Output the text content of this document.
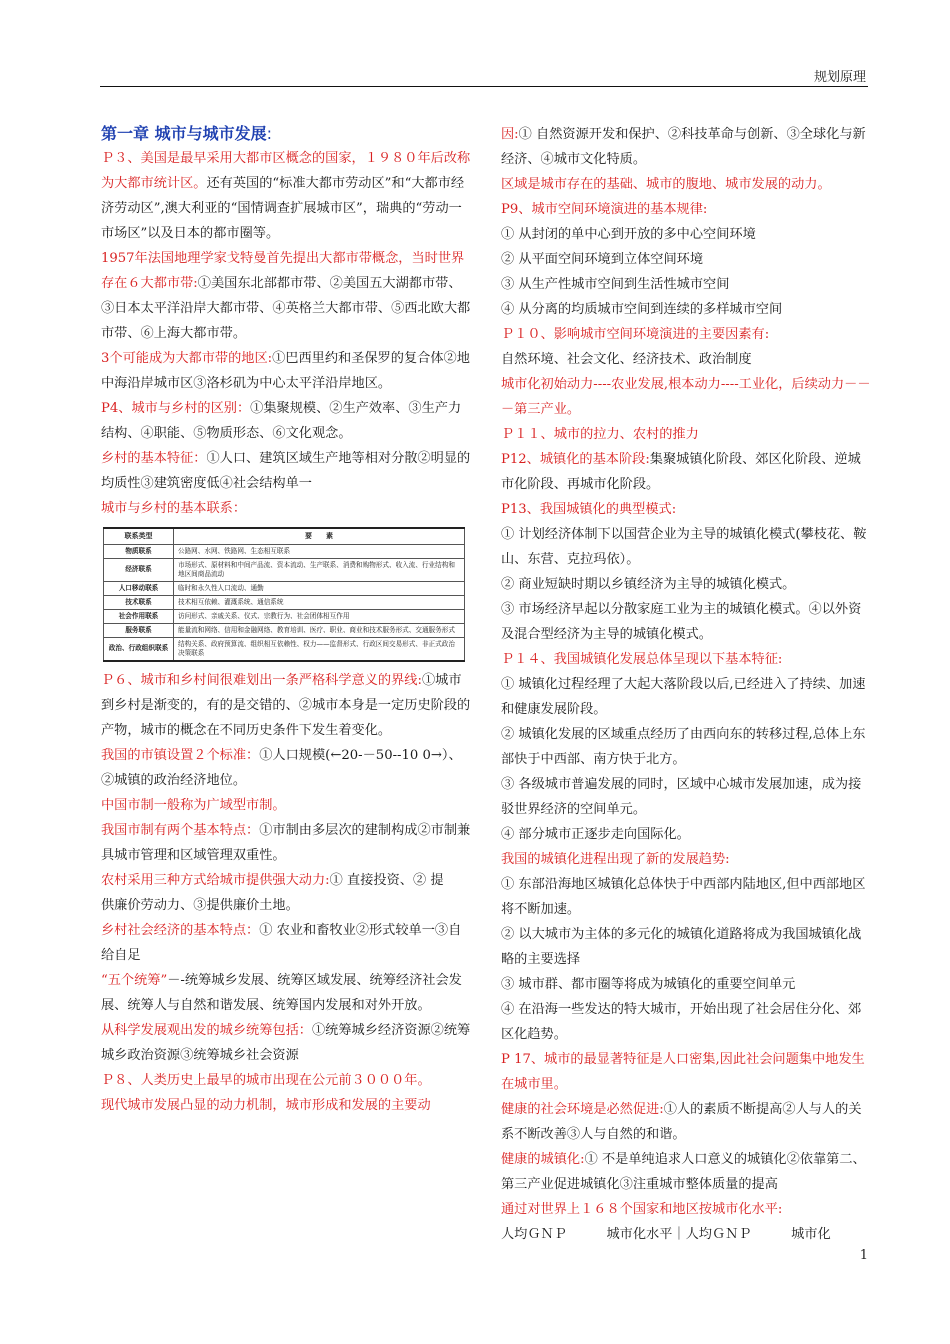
规划原理
第一章 城市与城市发展:
Ｐ３、美国是最早采用大都市区概念的国家，１９８０年后改称为大都市统计区。还有英国的“标准大都市劳动区”和“大都市经济劳动区”,澳大利亚的“国情调查扩展城市区”，瑞典的“劳动一市场区”以及日本的都市圈等。
1957年法国地理学家戈特曼首先提出大都市带概念，当时世界存在６大都市带:①美国东北部都市带、②美国五大湖都市带、③日本太平洋沿岸大都市带、④英格兰大都市带、⑤西北欧大都市带、⑥上海大都市带。
3个可能成为大都市带的地区:①巴西里约和圣保罗的复合体②地中海沿岸城市区③洛杉矶为中心太平洋沿岸地区。
P4、城市与乡村的区别：①集聚规模、②生产效率、③生产力结构、④职能、⑤物质形态、⑥文化观念。
乡村的基本特征：①人口、建筑区域生产地等相对分散②明显的均质性③建筑密度低④社会结构单一
城市与乡村的基本联系：
联系类型	要　　素
物质联系	公路网、水网、铁路网、生态相互联系
经济联系	市场形式、原材料和中间产品流、资本流动、生产联系、消费和购物形式、收入流、行业结构和地区间商品流动
人口移动联系	临时和永久性人口流动、通勤
技术联系	技术相互依赖、灌溉系统、通信系统
社会作用联系	访问形式、亲戚关系、仪式、宗教行为、社会团体相互作用
服务联系	能量流和网络、信用和金融网络、教育培训、医疗、职业、商业和技术服务形式、交通服务形式
政治、行政组织联系	结构关系、政府预算流、组织相互依赖性、权力——监督形式、行政区间交易形式、非正式政治决策联系
Ｐ６、城市和乡村间很难划出一条严格科学意义的界线:①城市到乡村是渐变的，有的是交错的、②城市本身是一定历史阶段的产物，城市的概念在不同历史条件下发生着变化。
我国的市镇设置２个标准：①人口规模(←20-－50--10 0→）、②城镇的政治经济地位。
中国市制一般称为广域型市制。
我国市制有两个基本特点：①市制由多层次的建制构成②市制兼具城市管理和区域管理双重性。
农村采用三种方式给城市提供强大动力:① 直接投资、② 提
供廉价劳动力、③提供廉价土地。
乡村社会经济的基本特点：① 农业和畜牧业②形式较单一③自给自足
“五个统筹”－-统筹城乡发展、统筹区域发展、统筹经济社会发展、统筹人与自然和谐发展、统筹国内发展和对外开放。
从科学发展观出发的城乡统筹包括：①统筹城乡经济资源②统筹城乡政治资源③统筹城乡社会资源
Ｐ８、人类历史上最早的城市出现在公元前３０００年。
现代城市发展凸显的动力机制，城市形成和发展的主要动
因:① 自然资源开发和保护、②科技革命与创新、③全球化与新经济、④城市文化特质。
区域是城市存在的基础、城市的腹地、城市发展的动力。
P9、城市空间环境演进的基本规律:
① 从封闭的单中心到开放的多中心空间环境
② 从平面空间环境到立体空间环境
③ 从生产性城市空间到生活性城市空间
④ 从分离的均质城市空间到连续的多样城市空间
Ｐ１０、影响城市空间环境演进的主要因素有:
自然环境、社会文化、经济技术、政治制度
城市化初始动力----农业发展,根本动力----工业化，后续动力－－－第三产业。
Ｐ１１、城市的拉力、农村的推力
P12、城镇化的基本阶段:集聚城镇化阶段、郊区化阶段、逆城市化阶段、再城市化阶段。
P13、我国城镇化的典型模式:
① 计划经济体制下以国营企业为主导的城镇化模式(攀枝花、鞍山、东营、克拉玛依）。
② 商业短缺时期以乡镇经济为主导的城镇化模式。
③ 市场经济早起以分散家庭工业为主的城镇化模式。④以外资及混合型经济为主导的城镇化模式。
Ｐ１４、我国城镇化发展总体呈现以下基本特征:
① 城镇化过程经理了大起大落阶段以后,已经进入了持续、加速和健康发展阶段。
② 城镇化发展的区域重点经历了由西向东的转移过程,总体上东部快于中西部、南方快于北方。
③ 各级城市普遍发展的同时，区域中心城市发展加速，成为接驳世界经济的空间单元。
④ 部分城市正逐步走向国际化。
我国的城镇化进程出现了新的发展趋势:
① 东部沿海地区城镇化总体快于中西部内陆地区,但中西部地区将不断加速。
② 以大城市为主体的多元化的城镇化道路将成为我国城镇化战略的主要选择
③ 城市群、都市圈等将成为城镇化的重要空间单元
④ 在沿海一些发达的特大城市，开始出现了社会居住分化、郊区化趋势。
P 17、城市的最显著特征是人口密集,因此社会问题集中地发生在城市里。
健康的社会环境是必然促进:①人的素质不断提高②人与人的关系不断改善③人与自然的和谐。
健康的城镇化:① 不是单纯追求人口意义的城镇化②依靠第二、第三产业促进城镇化③注重城市整体质量的提高
通过对世界上１６８个国家和地区按城市化水平:
人均ＧＮＰ　　　城市化水平｜人均ＧＮＰ　　　城市化
1
